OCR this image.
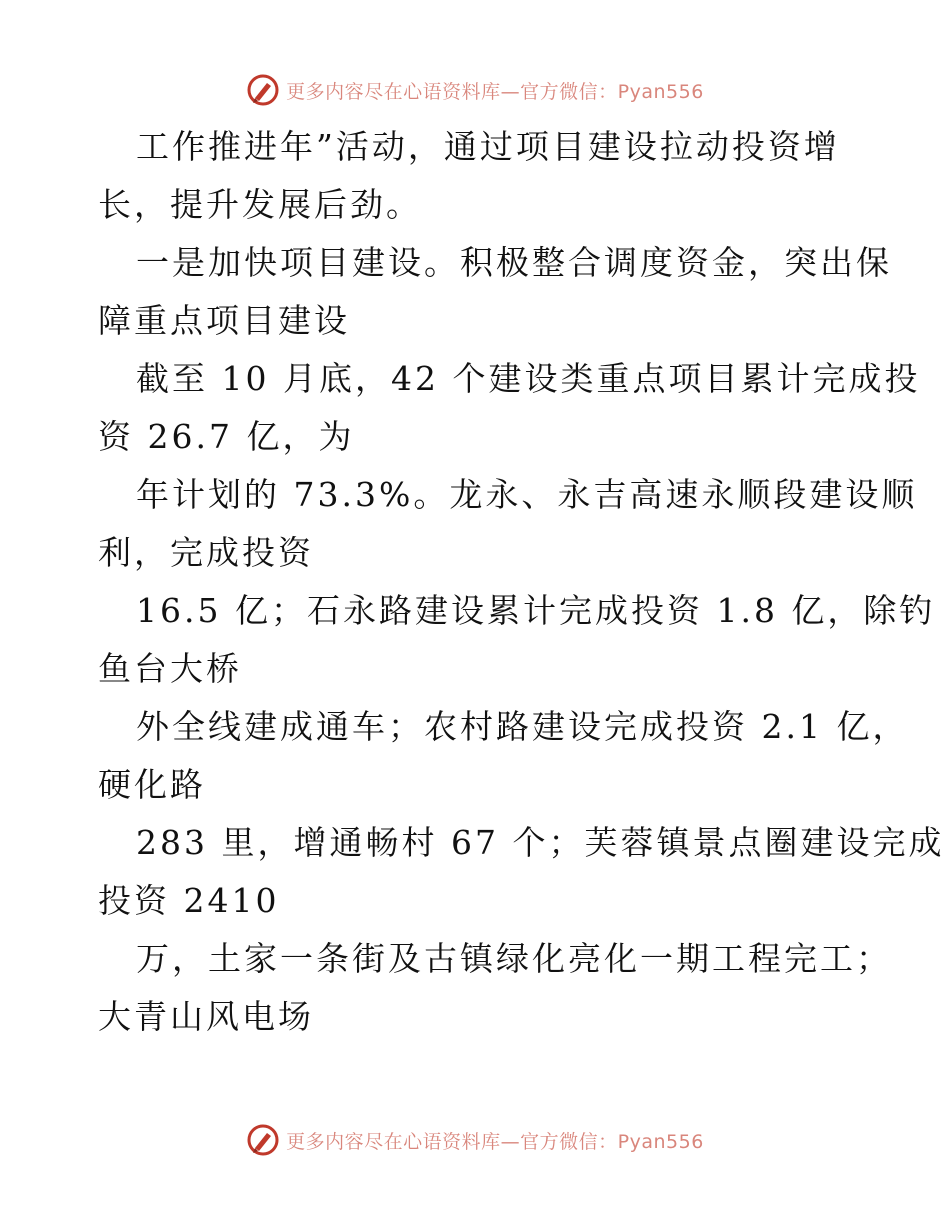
更多内容尽在心语资料库—官方微信：Pyan556
工作推进年”活动，通过项目建设拉动投资增
长，提升发展后劲。
一是加快项目建设。积极整合调度资金，突出保
障重点项目建设
截至 10 月底，42 个建设类重点项目累计完成投
资 26.7 亿，为
年计划的 73.3%。龙永、永吉高速永顺段建设顺
利，完成投资
16.5 亿；石永路建设累计完成投资 1.8 亿，除钓
鱼台大桥
外全线建成通车；农村路建设完成投资 2.1 亿，
硬化路
283 里，增通畅村 67 个；芙蓉镇景点圈建设完成
投资 2410
万，土家一条街及古镇绿化亮化一期工程完工；
大青山风电场
更多内容尽在心语资料库—官方微信：Pyan556
